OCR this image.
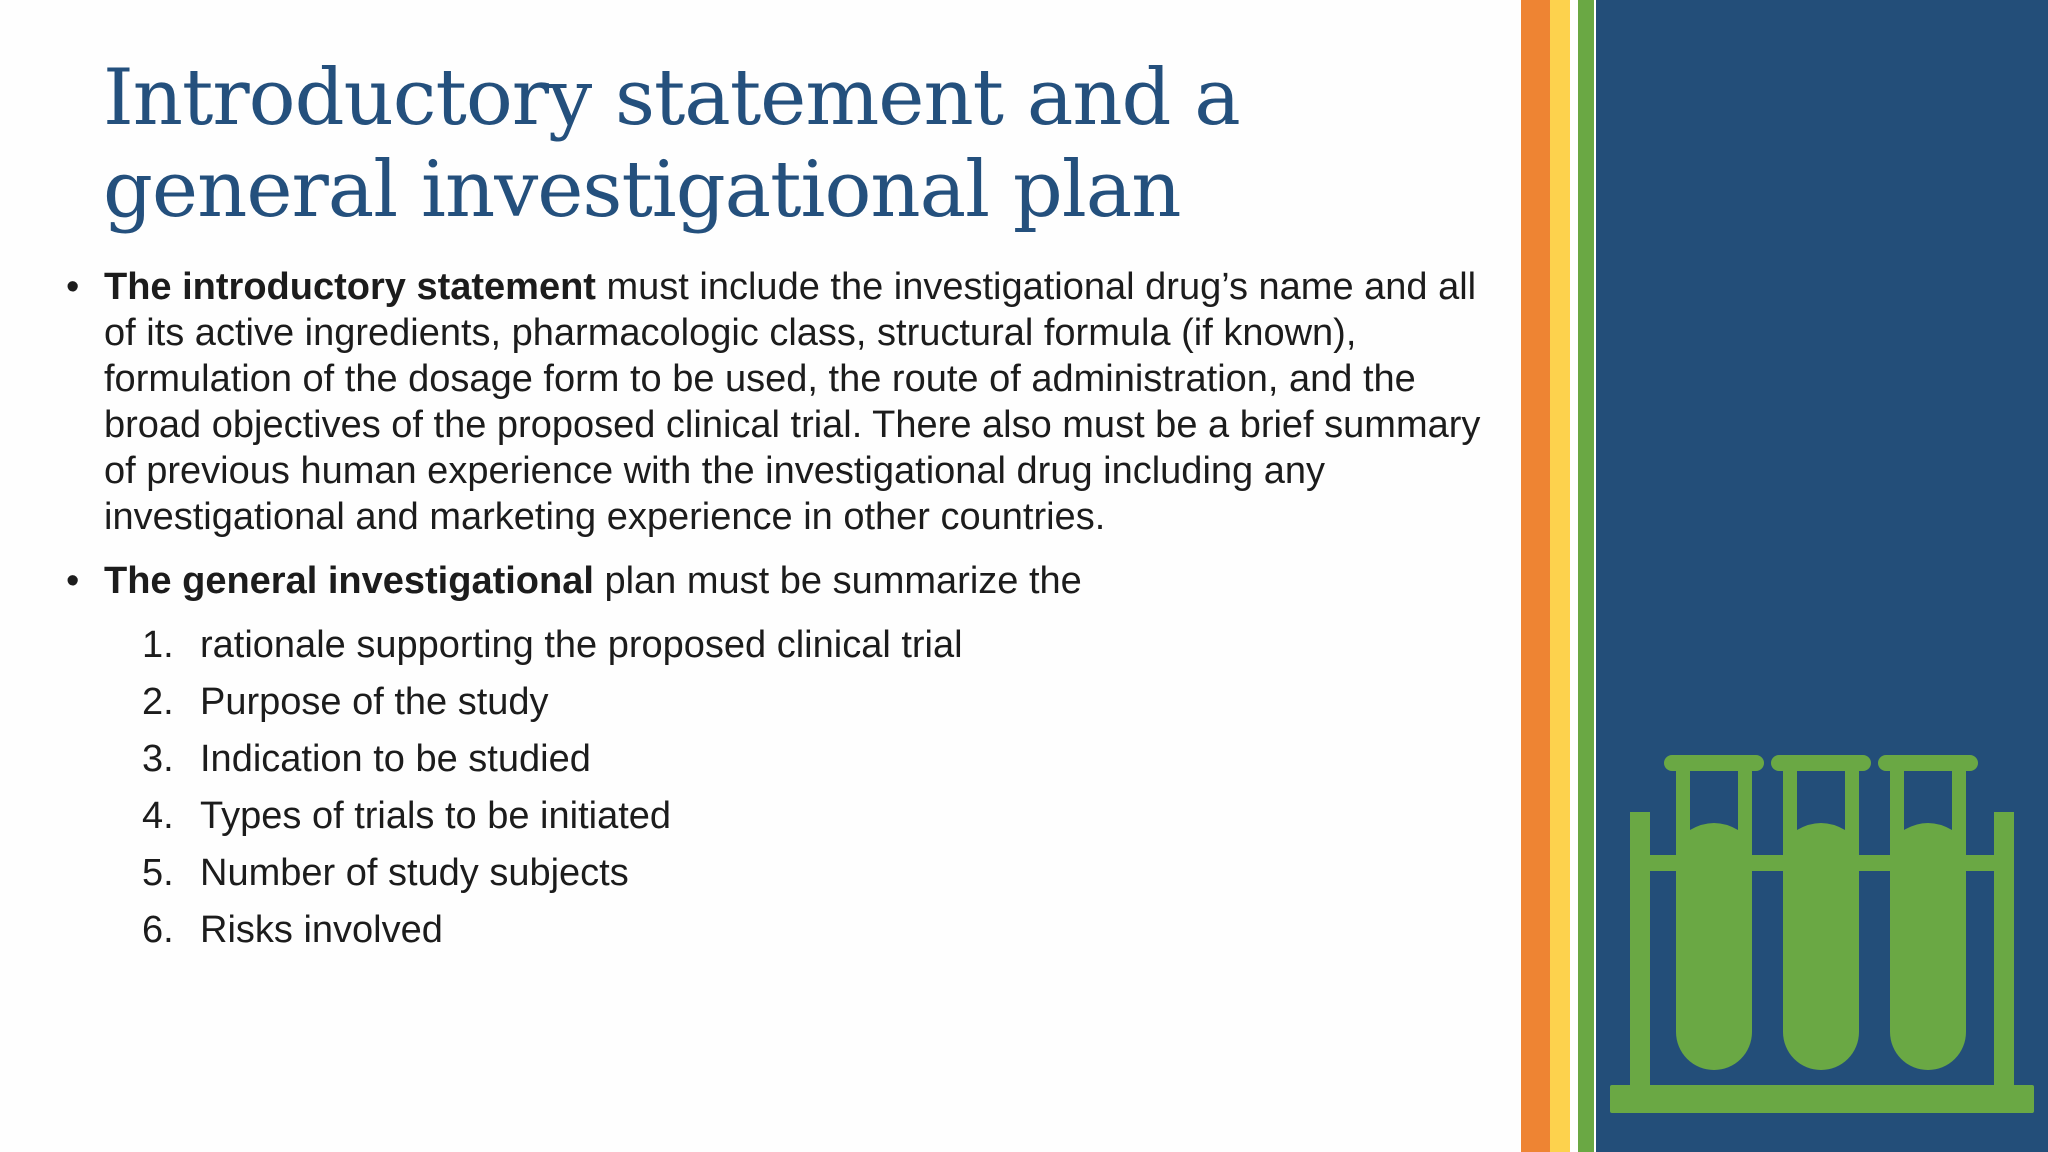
Introductory statement and a general investigational plan

• The introductory statement must include the investigational drug’s name and all of its active ingredients, pharmacologic class, structural formula (if known), formulation of the dosage form to be used, the route of administration, and the broad objectives of the proposed clinical trial. There also must be a brief summary of previous human experience with the investigational drug including any investigational and marketing experience in other countries.

• The general investigational plan must be summarize the

1. rationale supporting the proposed clinical trial
2. Purpose of the study
3. Indication to be studied
4. Types of trials to be initiated
5. Number of study subjects
6. Risks involved
